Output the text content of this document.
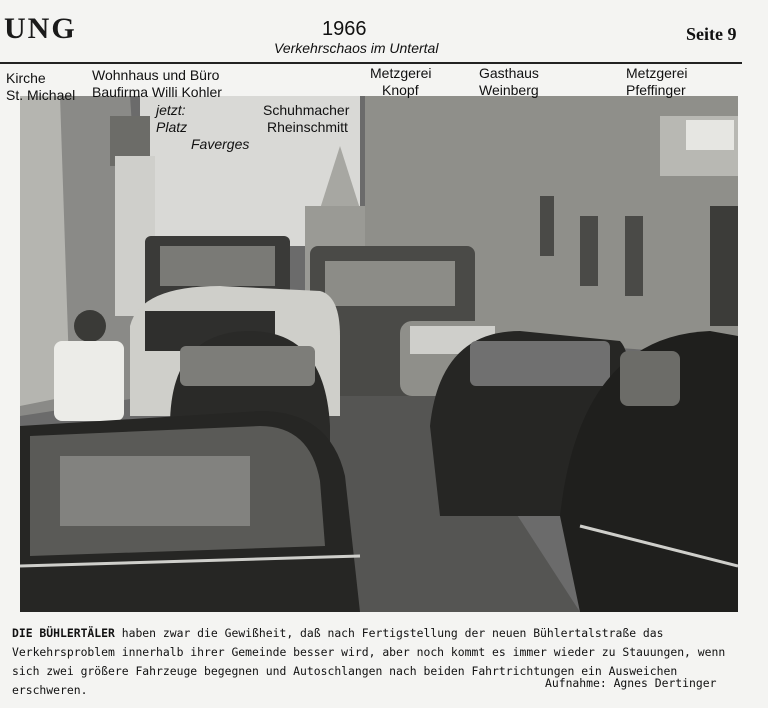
UNG	1966
Verkehrschaos im Untertal
Seite 9
Kirche
St. Michael
Wohnhaus und Büro
Baufirma Willi Kohler
jetzt:
Platz
Faverges
Schuhmacher
Rheinschmitt
Metzgerei
Knopf
Gasthaus
Weinberg
Metzgerei
Pfeffinger
DIE BÜHLERTÄLER haben zwar die Gewißheit, daß nach Fertigstellung der neuen Bühlertalstraße das Verkehrsproblem innerhalb ihrer Gemeinde besser wird, aber noch kommt es immer wieder zu Stauungen, wenn sich zwei größere Fahrzeuge begegnen und Autoschlangen nach beiden Fahrtrichtungen ein Ausweichen erschweren.	Aufnahme: Agnes Dertinger
